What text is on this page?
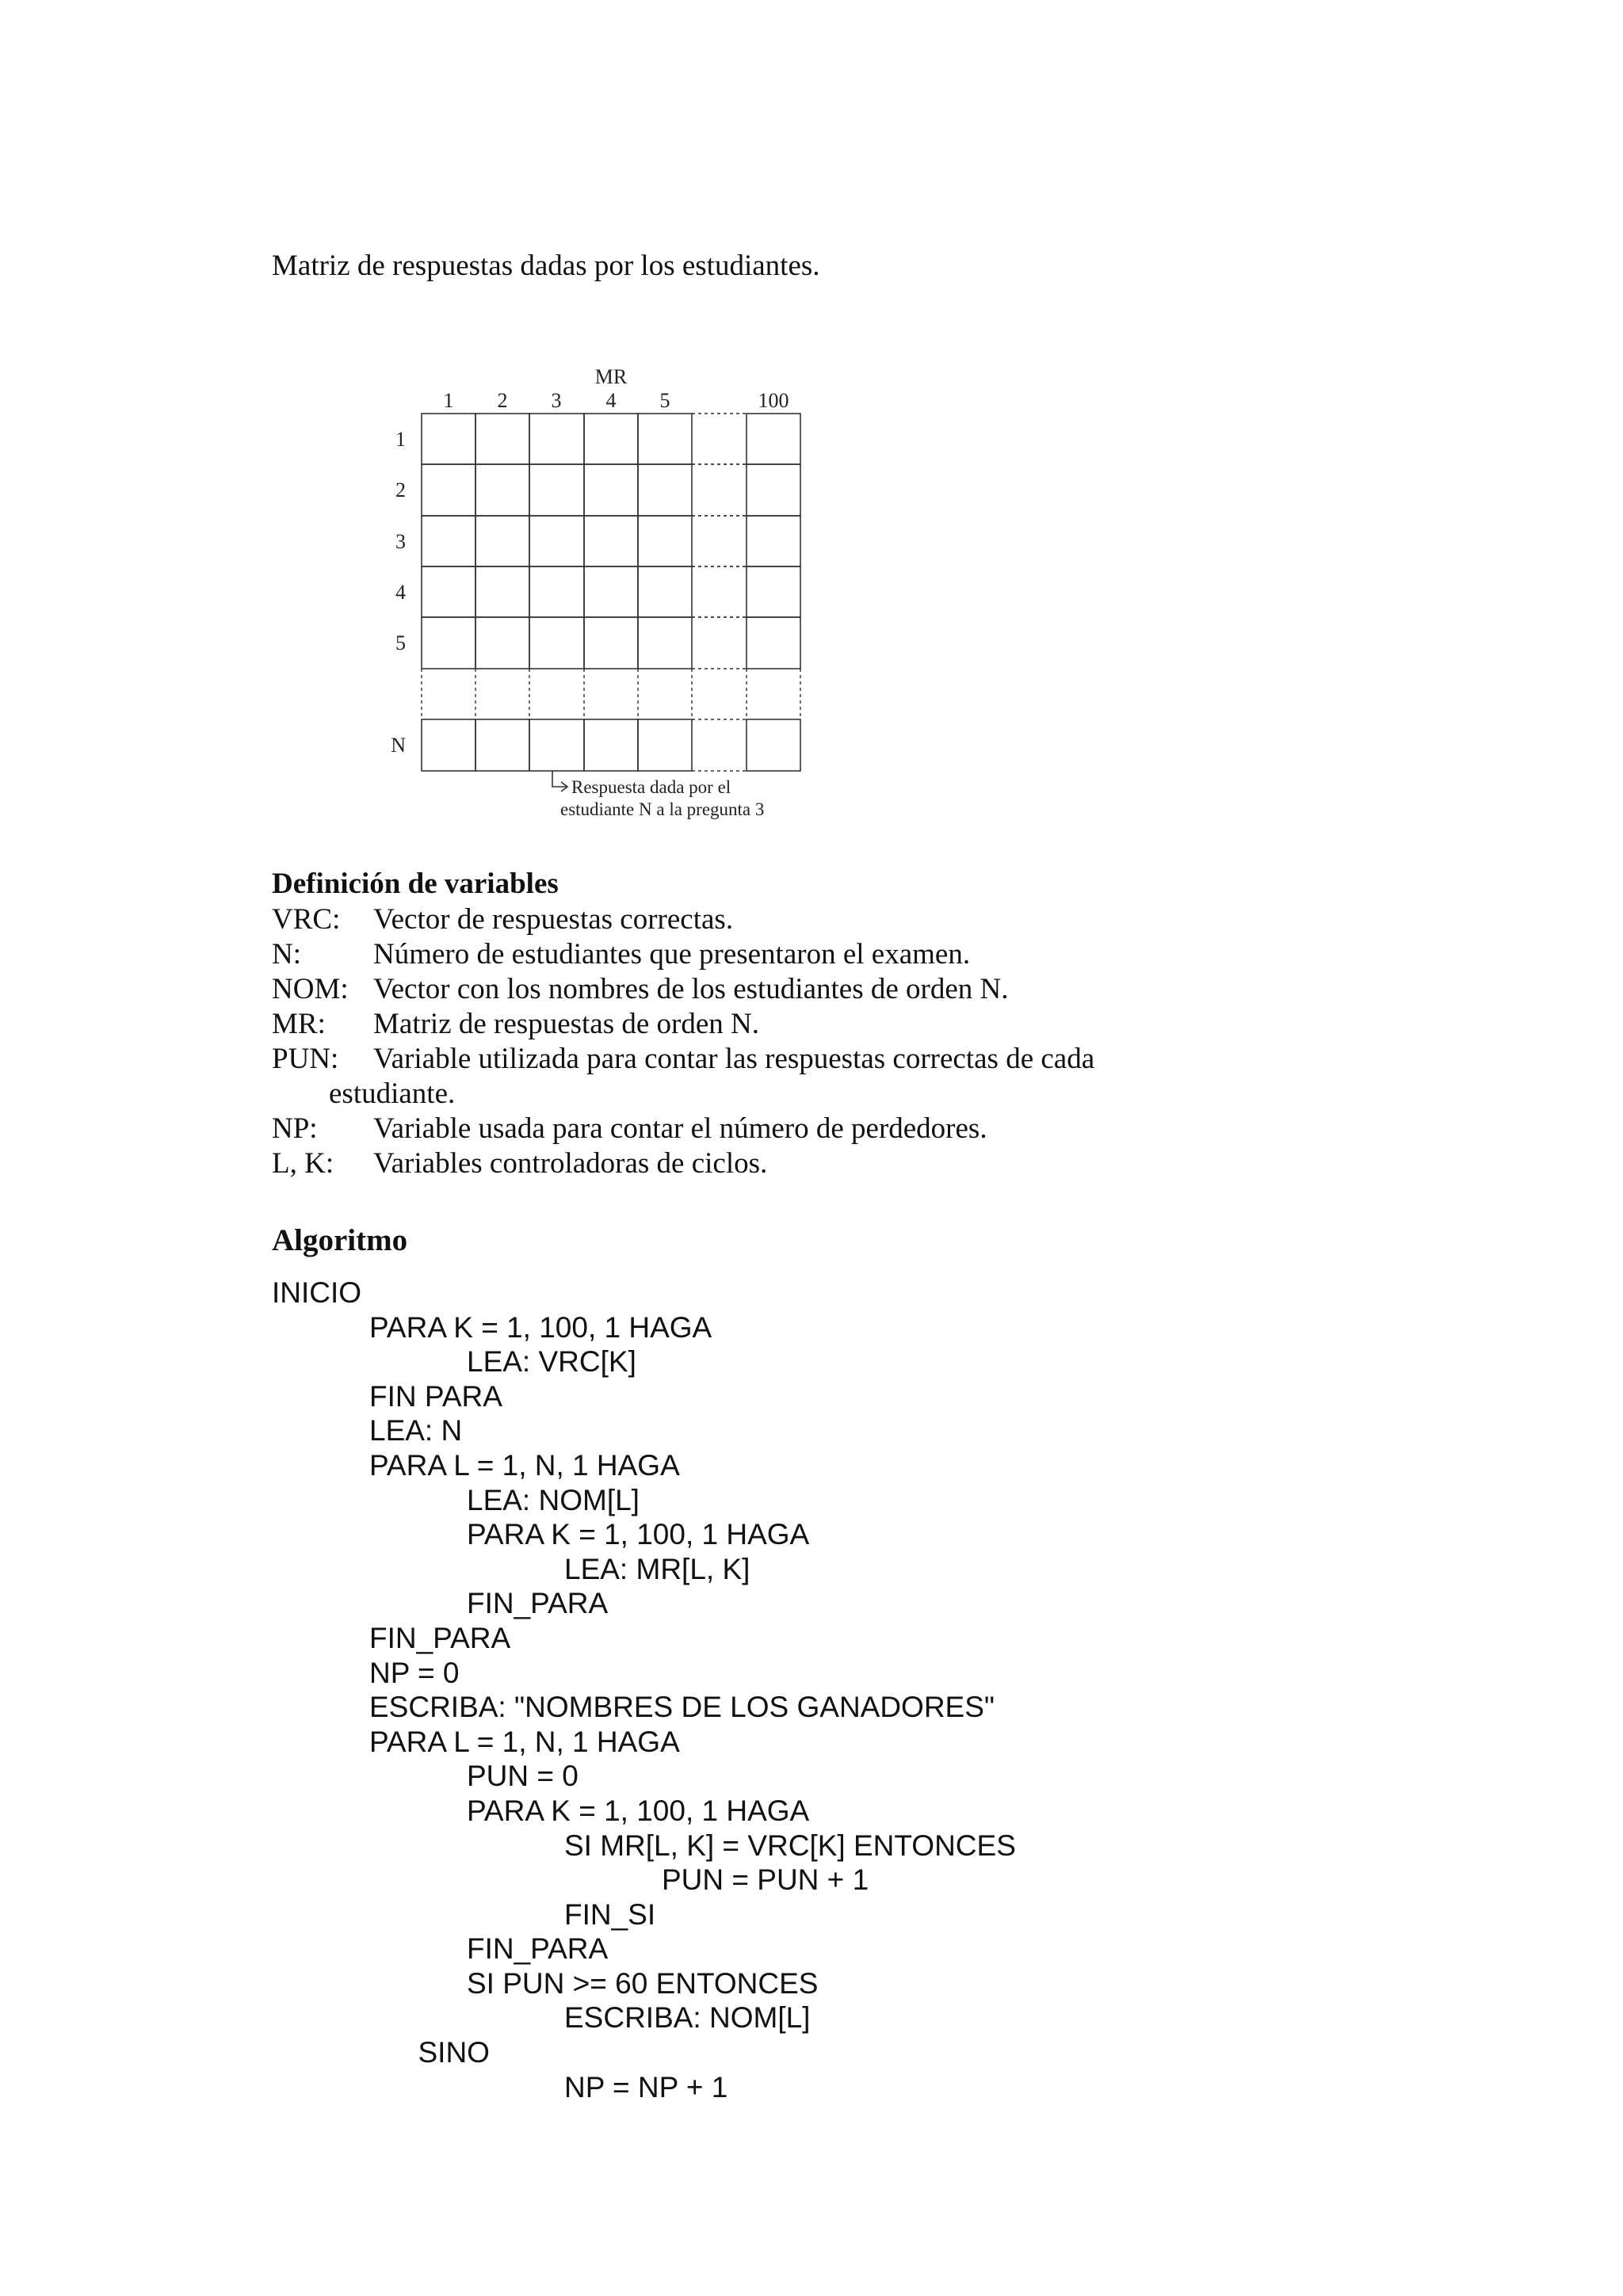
Matriz de respuestas dadas por los estudiantes.
MR
1 2 3 4 5	100
1
2
3
4
5
N
Respuesta dada por el
estudiante N a la pregunta 3
Definición de variables
VRC:	Vector de respuestas correctas.
N:	Número de estudiantes que presentaron el examen.
NOM: Vector con los nombres de los estudiantes de orden N.
MR:	Matriz de respuestas de orden N.
PUN:	Variable utilizada para contar las respuestas correctas de cada
estudiante.
NP:	Variable usada para contar el número de perdedores.
L, K:	Variables controladoras de ciclos.
Algoritmo
INICIO
PARA K = 1, 100, 1 HAGA
LEA: VRC[K]
FIN PARA
LEA: N
PARA L = 1, N, 1 HAGA
LEA: NOM[L]
PARA K = 1, 100, 1 HAGA
LEA: MR[L, K]
FIN_PARA
FIN_PARA
NP = 0
ESCRIBA: "NOMBRES DE LOS GANADORES"
PARA L = 1, N, 1 HAGA
PUN = 0
PARA K = 1, 100, 1 HAGA
SI MR[L, K] = VRC[K] ENTONCES
PUN = PUN + 1
FIN_SI
FIN_PARA
SI PUN >= 60 ENTONCES
ESCRIBA: NOM[L]
SINO
NP = NP + 1
